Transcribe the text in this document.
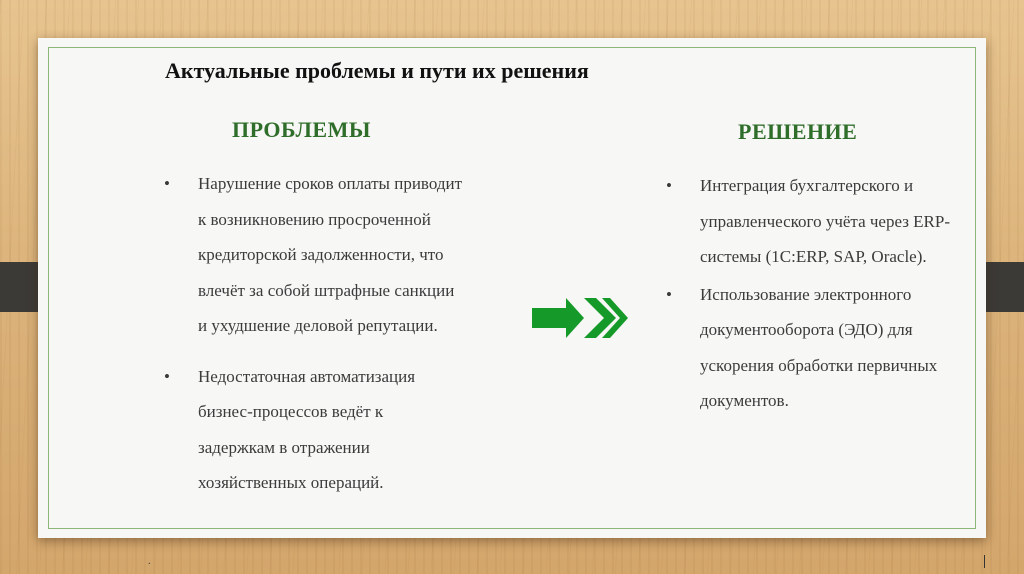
Актуальные проблемы и пути их решения
ПРОБЛЕМЫ	РЕШЕНИЕ
• Нарушение сроков оплаты приводит к возникновению просроченной кредиторской задолженности, что влечёт за собой штрафные санкции и ухудшение деловой репутации.
• Недостаточная автоматизация бизнес-процессов ведёт к задержкам в отражении хозяйственных операций.
• Интеграция бухгалтерского и управленческого учёта через ERP- системы (1С:ERP, SAP, Oracle).
• Использование электронного документооборота (ЭДО) для ускорения обработки первичных документов.
.
